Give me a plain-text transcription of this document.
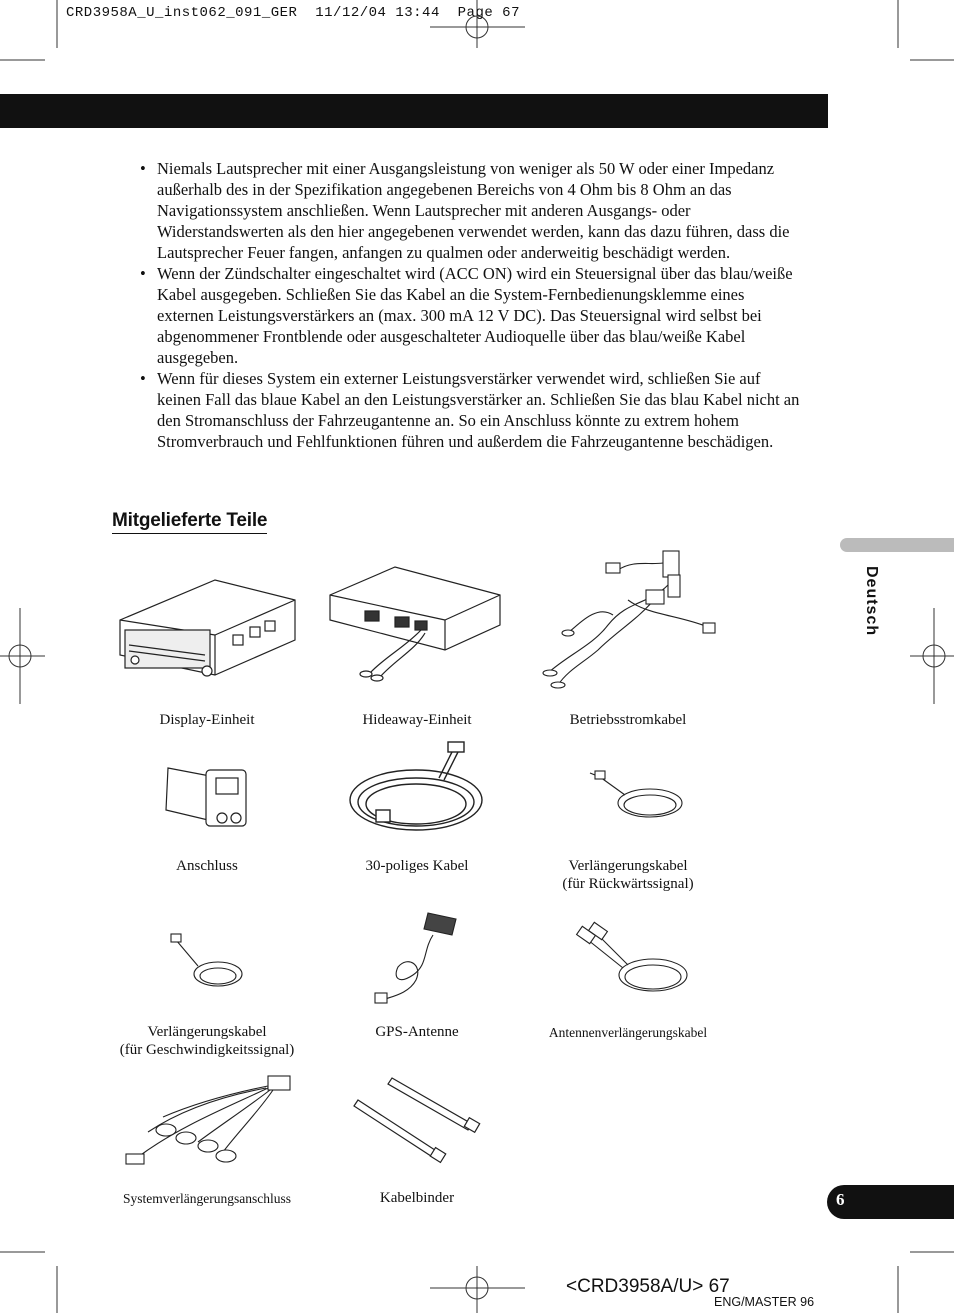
CRD3958A_U_inst062_091_GER  11/12/04 13:44  Page 67
• Niemals Lautsprecher mit einer Ausgangsleistung von weniger als 50 W oder einer Impedanz außerhalb des in der Spezifikation angegebenen Bereichs von 4 Ohm bis 8 Ohm an das Navigationssystem anschließen. Wenn Lautsprecher mit anderen Ausgangs- oder Widerstandswerten als den hier angegebenen verwendet werden, kann das dazu führen, dass die Lautsprecher Feuer fangen, anfangen zu qualmen oder anderweitig beschädigt werden.
• Wenn der Zündschalter eingeschaltet wird (ACC ON) wird ein Steuersignal über das blau/weiße Kabel ausgegeben. Schließen Sie das Kabel an die System-Fernbedienungsklemme eines externen Leistungsverstärkers an (max. 300 mA 12 V DC). Das Steuersignal wird selbst bei abgenommener Frontblende oder ausgeschalteter Audioquelle über das blau/weiße Kabel ausgegeben.
• Wenn für dieses System ein externer Leistungsverstärker verwendet wird, schließen Sie auf keinen Fall das blaue Kabel an den Leistungsverstärker an. Schließen Sie das blau Kabel nicht an den Stromanschluss der Fahrzeugantenne an. So ein Anschluss könnte zu extrem hohem Stromverbrauch und Fehlfunktionen führen und außerdem die Fahrzeugantenne beschädigen.
Mitgelieferte Teile
Display-Einheit	Hideaway-Einheit	Betriebsstromkabel
Anschluss	30-poliges Kabel	Verlängerungskabel
(für Rückwärtssignal)
Verlängerungskabel
(für Geschwindigkeitssignal)
GPS-Antenne	Antennenverlängerungskabel
Systemverlängerungsanschluss	Kabelbinder
Deutsch
6
<CRD3958A/U> 67
ENG/MASTER 96
